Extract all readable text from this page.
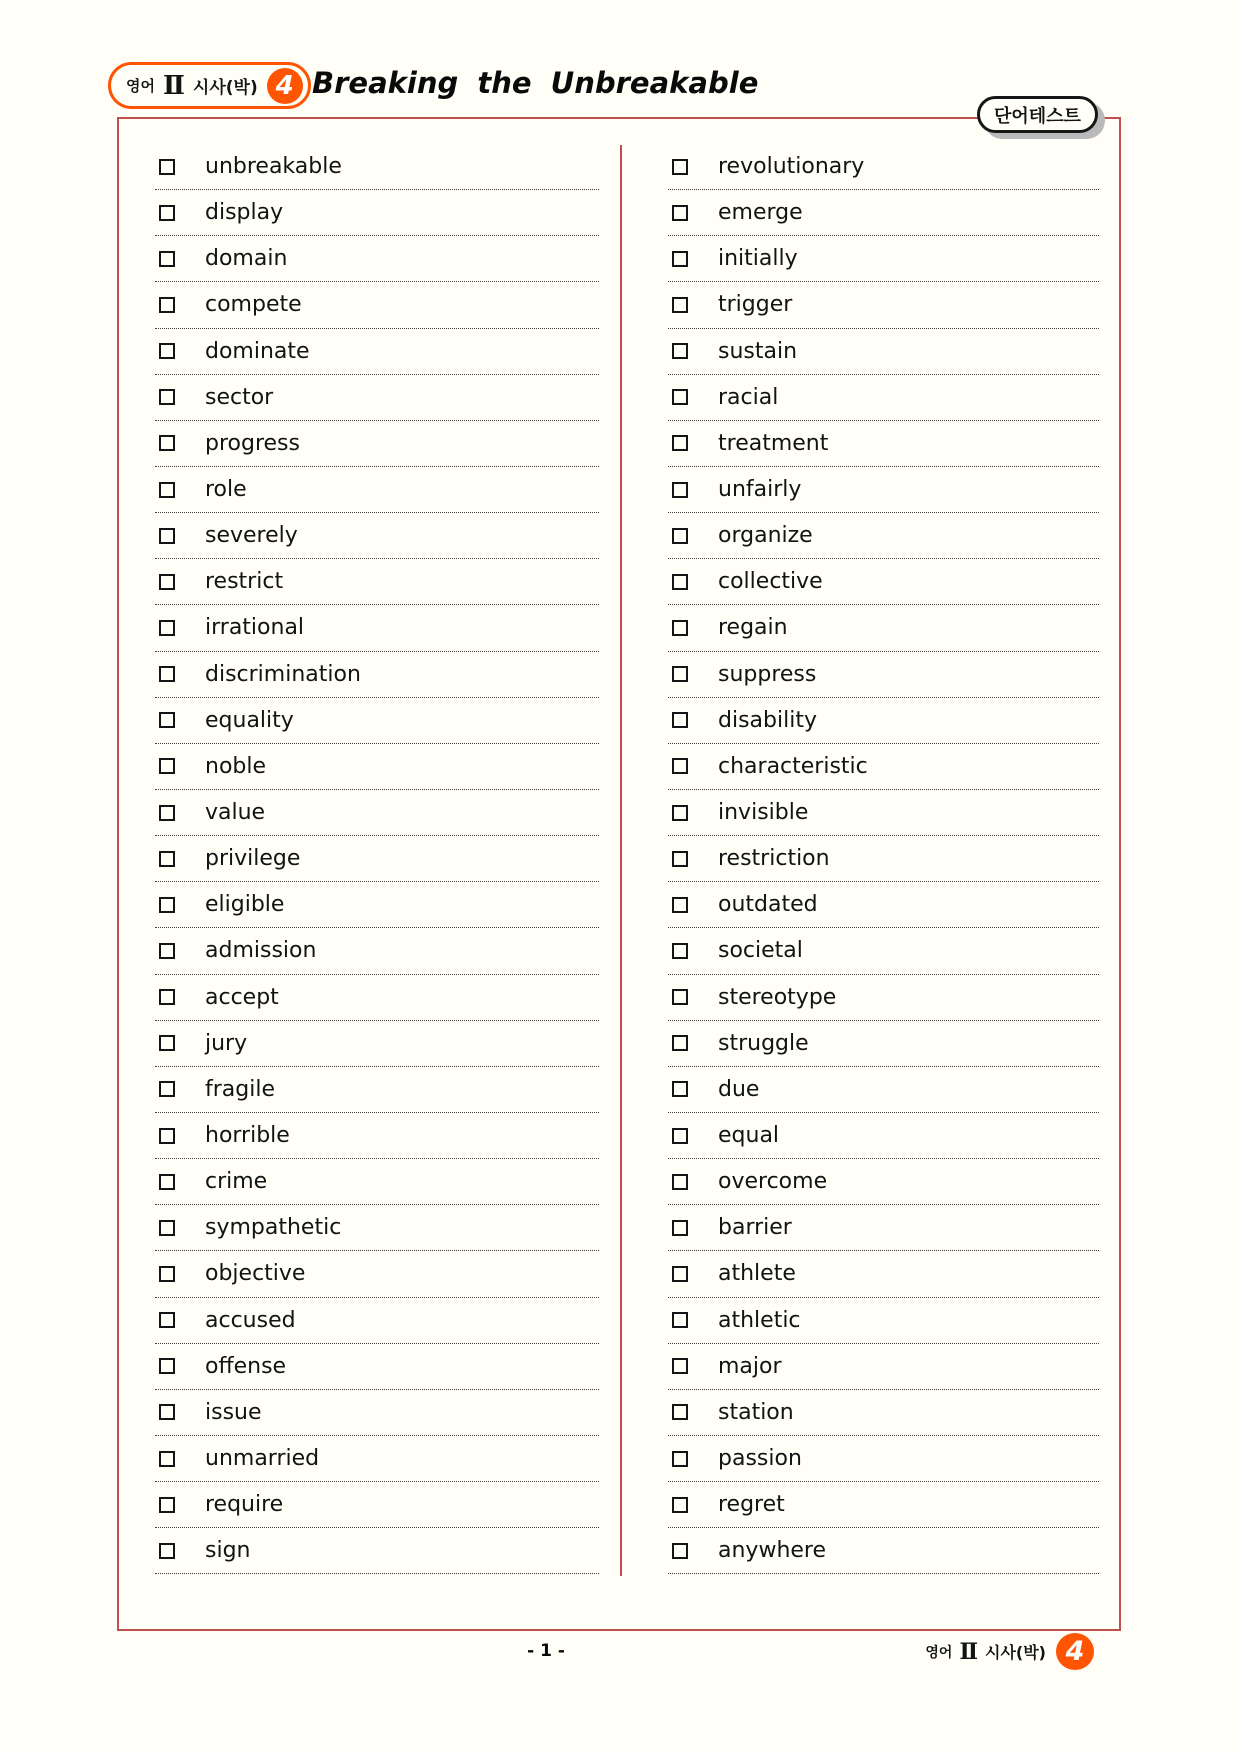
영어 Ⅱ 시사(박) 4 Breaking the Unbreakable
단어테스트
unbreakable
display
domain
compete
dominate
sector
progress
role
severely
restrict
irrational
discrimination
equality
noble
value
privilege
eligible
admission
accept
jury
fragile
horrible
crime
sympathetic
objective
accused
offense
issue
unmarried
require
sign
revolutionary
emerge
initially
trigger
sustain
racial
treatment
unfairly
organize
collective
regain
suppress
disability
characteristic
invisible
restriction
outdated
societal
stereotype
struggle
due
equal
overcome
barrier
athlete
athletic
major
station
passion
regret
anywhere
- 1 -	영어 Ⅱ 시사(박) 4
